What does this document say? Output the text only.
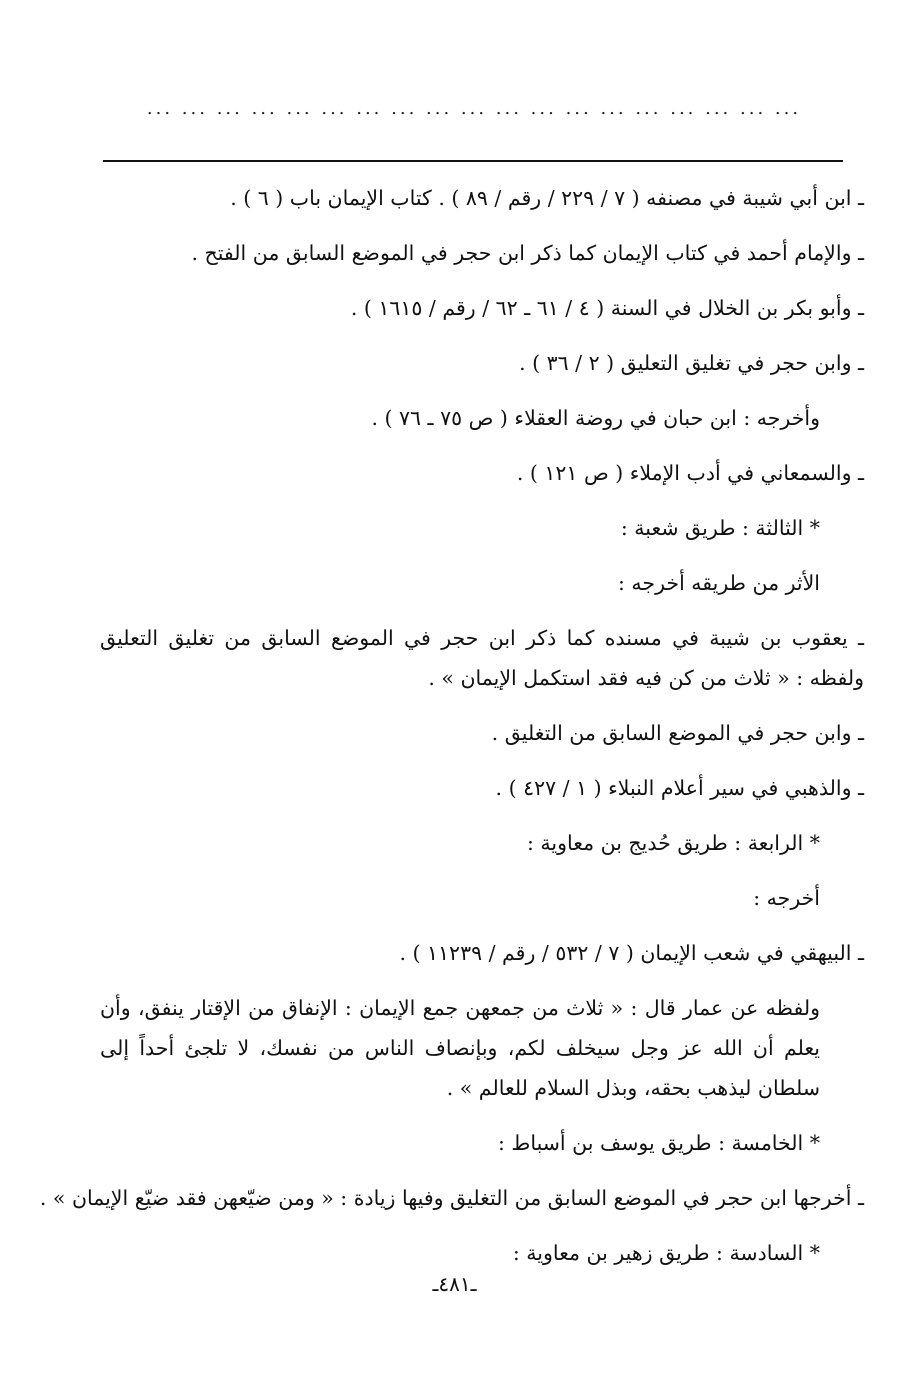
... ... ... ... ... ... ... ... ... ... ... ... ... ... ... ... ... ... ...
ـ ابن أبي شيبة في مصنفه ( ٧ / ٢٢٩ / رقم / ٨٩ ) . كتاب الإيمان باب ( ٦ ) .
ـ والإمام أحمد في كتاب الإيمان كما ذكر ابن حجر في الموضع السابق من الفتح .
ـ وأبو بكر بن الخلال في السنة ( ٤ / ٦١ ـ ٦٢ / رقم / ١٦١٥ ) .
ـ وابن حجر في تغليق التعليق ( ٢ / ٣٦ ) .
وأخرجه : ابن حبان في روضة العقلاء ( ص ٧٥ ـ ٧٦ ) .
ـ والسمعاني في أدب الإملاء ( ص ١٢١ ) .
* الثالثة : طريق شعبة :
الأثر من طريقه أخرجه :
ـ يعقوب بن شيبة في مسنده كما ذكر ابن حجر في الموضع السابق من تغليق التعليق ولفظه : « ثلاث من كن فيه فقد استكمل الإيمان » .
ـ وابن حجر في الموضع السابق من التغليق .
ـ والذهبي في سير أعلام النبلاء ( ١ / ٤٢٧ ) .
* الرابعة : طريق حُديج بن معاوية :
أخرجه :
ـ البيهقي في شعب الإيمان ( ٧ / ٥٣٢ / رقم / ١١٢٣٩ ) .
ولفظه عن عمار قال : « ثلاث من جمعهن جمع الإيمان : الإنفاق من الإقتار ينفق، وأن يعلم أن الله عز وجل سيخلف لكم، وبإنصاف الناس من نفسك، لا تلجئ أحداً إلى سلطان ليذهب بحقه، وبذل السلام للعالم » .
* الخامسة : طريق يوسف بن أسباط :
ـ أخرجها ابن حجر في الموضع السابق من التغليق وفيها زيادة : « ومن ضيّعهن فقد ضيّع الإيمان » .
* السادسة : طريق زهير بن معاوية :
ـ٤٨١ـ
